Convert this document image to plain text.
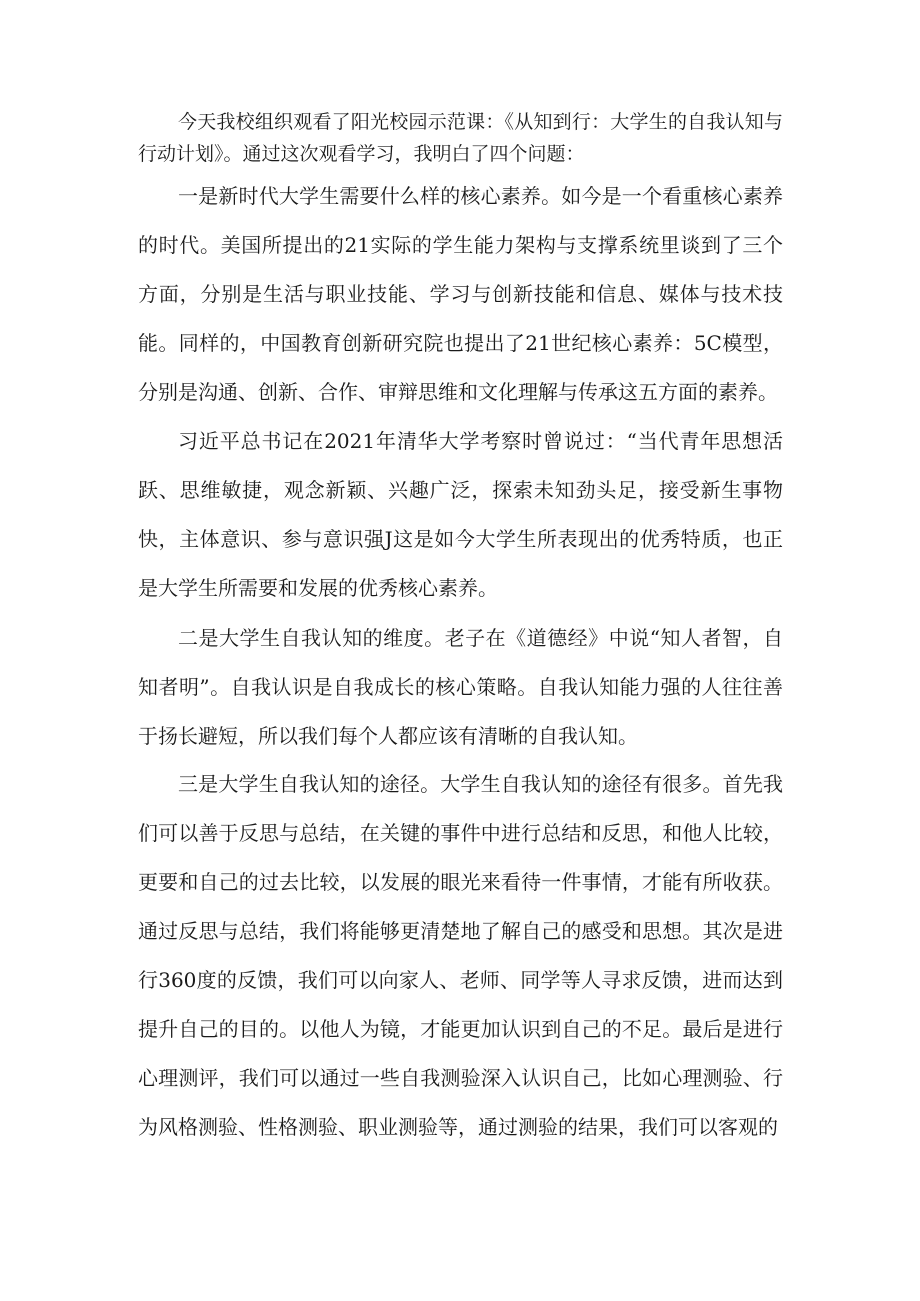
今天我校组织观看了阳光校园示范课：《从知到行：大学生的自我认知与行动计划》。通过这次观看学习，我明白了四个问题：

一是新时代大学生需要什么样的核心素养。如今是一个看重核心素养的时代。美国所提出的21实际的学生能力架构与支撑系统里谈到了三个方面，分别是生活与职业技能、学习与创新技能和信息、媒体与技术技能。同样的，中国教育创新研究院也提出了21世纪核心素养：5C模型，分别是沟通、创新、合作、审辩思维和文化理解与传承这五方面的素养。

习近平总书记在2021年清华大学考察时曾说过：“当代青年思想活跃、思维敏捷，观念新颖、兴趣广泛，探索未知劲头足，接受新生事物快，主体意识、参与意识强J这是如今大学生所表现出的优秀特质，也正是大学生所需要和发展的优秀核心素养。

二是大学生自我认知的维度。老子在《道德经》中说“知人者智，自知者明”。自我认识是自我成长的核心策略。自我认知能力强的人往往善于扬长避短，所以我们每个人都应该有清晰的自我认知。

三是大学生自我认知的途径。大学生自我认知的途径有很多。首先我们可以善于反思与总结，在关键的事件中进行总结和反思，和他人比较，更要和自己的过去比较，以发展的眼光来看待一件事情，才能有所收获。通过反思与总结，我们将能够更清楚地了解自己的感受和思想。其次是进行360度的反馈，我们可以向家人、老师、同学等人寻求反馈，进而达到提升自己的目的。以他人为镜，才能更加认识到自己的不足。最后是进行心理测评，我们可以通过一些自我测验深入认识自己，比如心理测验、行为风格测验、性格测验、职业测验等，通过测验的结果，我们可以客观的
